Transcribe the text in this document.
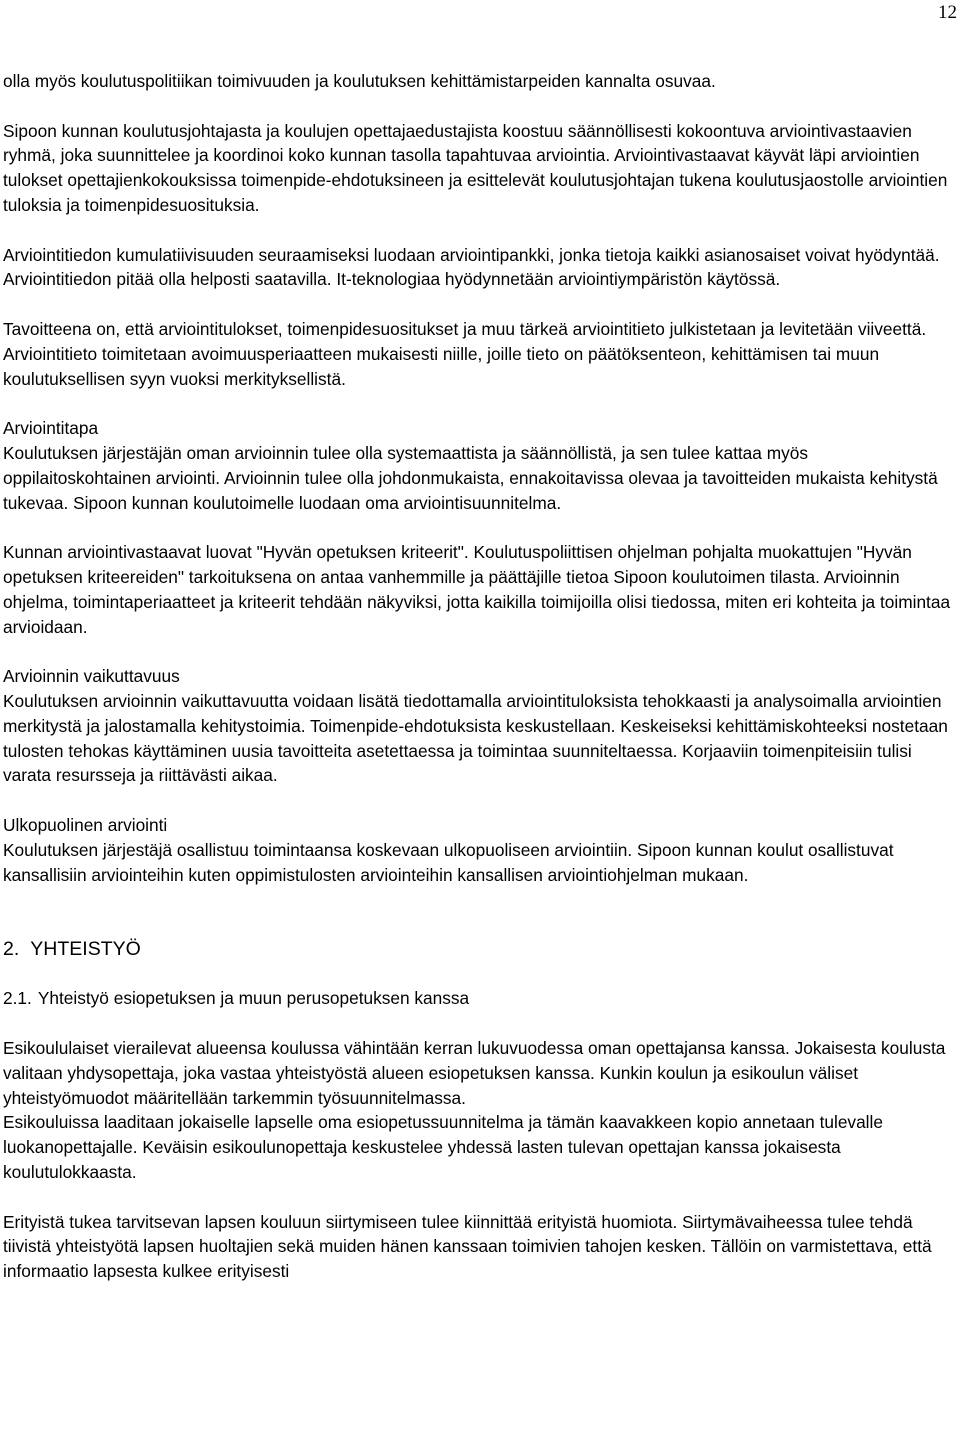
12

olla myös koulutuspolitiikan toimivuuden ja koulutuksen kehittämistarpeiden kannalta osuvaa.

Sipoon kunnan koulutusjohtajasta ja koulujen opettajaedustajista koostuu säännöllisesti kokoontuva arviointivastaavien ryhmä, joka suunnittelee ja koordinoi koko kunnan tasolla tapahtuvaa arviointia. Arviointivastaavat käyvät läpi arviointien tulokset opettajienkokouksissa toimenpide-ehdotuksineen ja esittelevät koulutusjohtajan tukena koulutusjaostolle arviointien tuloksia ja toimenpidesuosituksia.

Arviointitiedon kumulatiivisuuden seuraamiseksi luodaan arviointipankki, jonka tietoja kaikki asianosaiset voivat hyödyntää. Arviointitiedon pitää olla helposti saatavilla. It-teknologiaa hyödynnetään arviointiympäristön käytössä.

Tavoitteena on, että arviointitulokset, toimenpidesuositukset ja muu tärkeä arviointitieto julkistetaan ja levitetään viiveettä. Arviointitieto toimitetaan avoimuusperiaatteen mukaisesti niille, joille tieto on päätöksenteon, kehittämisen tai muun koulutuksellisen syyn vuoksi merkityksellistä.

Arviointitapa

Koulutuksen järjestäjän oman arvioinnin tulee olla systemaattista ja säännöllistä, ja sen tulee kattaa myös oppilaitoskohtainen arviointi. Arvioinnin tulee olla johdonmukaista, ennakoitavissa olevaa ja tavoitteiden mukaista kehitystä tukevaa. Sipoon kunnan koulutoimelle luodaan oma arviointisuunnitelma.

Kunnan arviointivastaavat luovat "Hyvän opetuksen kriteerit". Koulutuspoliittisen ohjelman pohjalta muokattujen "Hyvän opetuksen kriteereiden" tarkoituksena on antaa vanhemmille ja päättäjille tietoa Sipoon koulutoimen tilasta. Arvioinnin ohjelma, toimintaperiaatteet ja kriteerit tehdään näkyviksi, jotta kaikilla toimijoilla olisi tiedossa, miten eri kohteita ja toimintaa arvioidaan.

Arvioinnin vaikuttavuus

Koulutuksen arvioinnin vaikuttavuutta voidaan lisätä tiedottamalla arviointituloksista tehokkaasti ja analysoimalla arviointien merkitystä ja jalostamalla kehitystoimia. Toimenpide-ehdotuksista keskustellaan. Keskeiseksi kehittämiskohteeksi nostetaan tulosten tehokas käyttäminen uusia tavoitteita asetettaessa ja toimintaa suunniteltaessa. Korjaaviin toimenpiteisiin tulisi varata resursseja ja riittävästi aikaa.

Ulkopuolinen arviointi

Koulutuksen järjestäjä osallistuu toimintaansa koskevaan ulkopuoliseen arviointiin. Sipoon kunnan koulut osallistuvat kansallisiin arviointeihin kuten oppimistulosten arviointeihin kansallisen arviointiohjelman mukaan.

2. YHTEISTYÖ

2.1. Yhteistyö esiopetuksen ja muun perusopetuksen kanssa

Esikoululaiset vierailevat alueensa koulussa vähintään kerran lukuvuodessa oman opettajansa kanssa. Jokaisesta koulusta valitaan yhdysopettaja, joka vastaa yhteistyöstä alueen esiopetuksen kanssa. Kunkin koulun ja esikoulun väliset yhteistyömuodot määritellään tarkemmin työsuunnitelmassa.

Esikouluissa laaditaan jokaiselle lapselle oma esiopetussuunnitelma ja tämän kaavakkeen kopio annetaan tulevalle luokanopettajalle. Keväisin esikoulunopettaja keskustelee yhdessä lasten tulevan opettajan kanssa jokaisesta koulutulokkaasta.

Erityistä tukea tarvitsevan lapsen kouluun siirtymiseen tulee kiinnittää erityistä huomiota. Siirtymävaiheessa tulee tehdä tiivistä yhteistyötä lapsen huoltajien sekä muiden hänen kanssaan toimivien tahojen kesken. Tällöin on varmistettava, että informaatio lapsesta kulkee erityisesti
